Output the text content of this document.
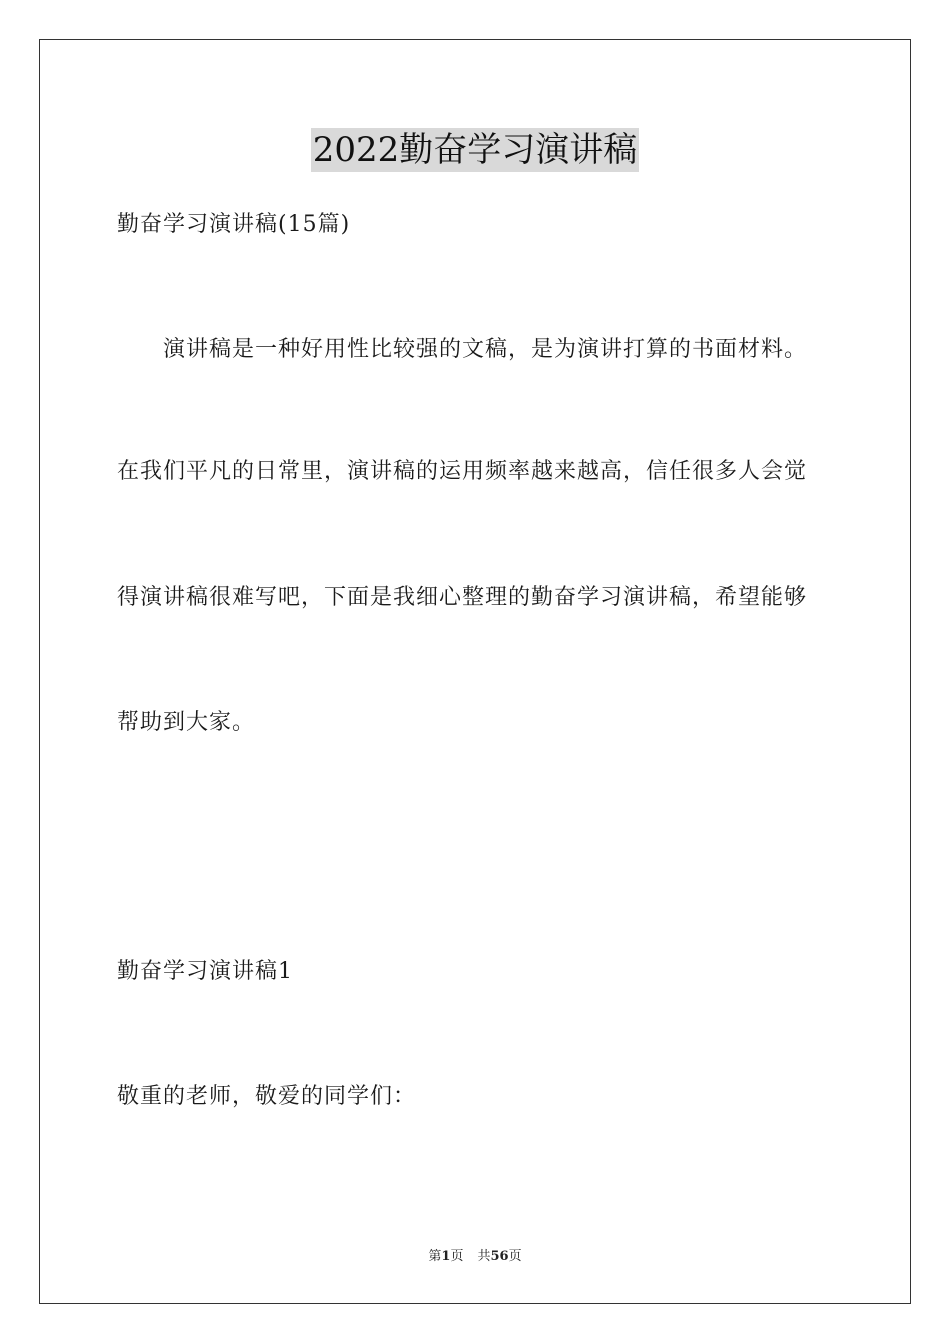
2022勤奋学习演讲稿
勤奋学习演讲稿(15篇)
演讲稿是一种好用性比较强的文稿，是为演讲打算的书面材料。
在我们平凡的日常里，演讲稿的运用频率越来越高，信任很多人会觉
得演讲稿很难写吧，下面是我细心整理的勤奋学习演讲稿，希望能够
帮助到大家。
勤奋学习演讲稿1
敬重的老师，敬爱的同学们：
第1页 共56页
